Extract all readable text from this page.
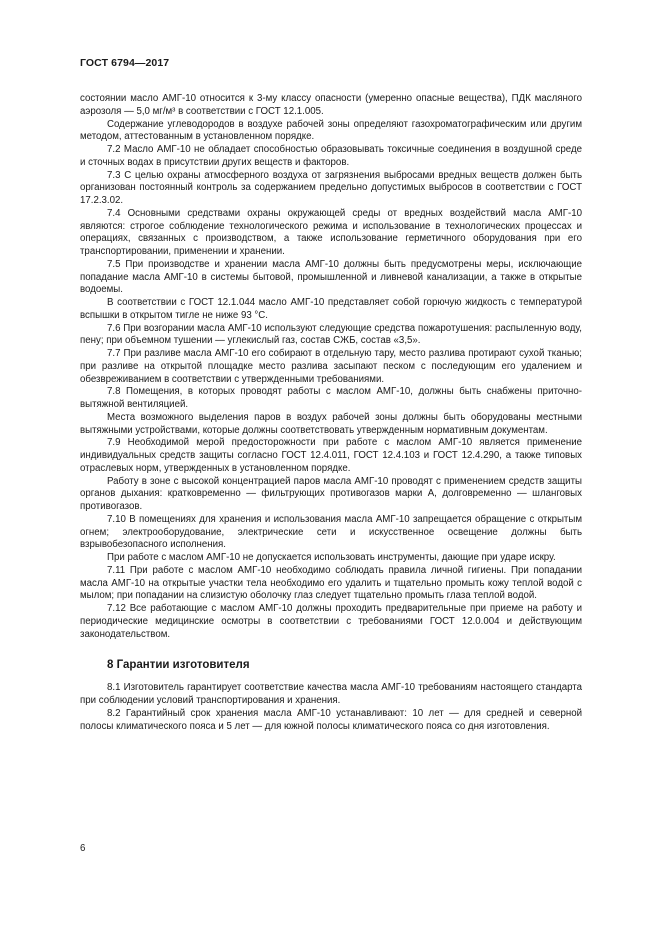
ГОСТ 6794—2017

состоянии масло АМГ-10 относится к 3-му классу опасности (умеренно опасные вещества), ПДК масляного аэрозоля — 5,0 мг/м³ в соответствии с ГОСТ 12.1.005.

Содержание углеводородов в воздухе рабочей зоны определяют газохроматографическим или другим методом, аттестованным в установленном порядке.

7.2 Масло АМГ-10 не обладает способностью образовывать токсичные соединения в воздушной среде и сточных водах в присутствии других веществ и факторов.

7.3 С целью охраны атмосферного воздуха от загрязнения выбросами вредных веществ должен быть организован постоянный контроль за содержанием предельно допустимых выбросов в соответствии с ГОСТ 17.2.3.02.

7.4 Основными средствами охраны окружающей среды от вредных воздействий масла АМГ-10 являются: строгое соблюдение технологического режима и использование в технологических процессах и операциях, связанных с производством, а также использование герметичного оборудования при его транспортировании, применении и хранении.

7.5 При производстве и хранении масла АМГ-10 должны быть предусмотрены меры, исключающие попадание масла АМГ-10 в системы бытовой, промышленной и ливневой канализации, а также в открытые водоемы.

В соответствии с ГОСТ 12.1.044 масло АМГ-10 представляет собой горючую жидкость с температурой вспышки в открытом тигле не ниже 93 °С.

7.6 При возгорании масла АМГ-10 используют следующие средства пожаротушения: распыленную воду, пену; при объемном тушении — углекислый газ, состав СЖБ, состав «3,5».

7.7 При разливе масла АМГ-10 его собирают в отдельную тару, место разлива протирают сухой тканью; при разливе на открытой площадке место разлива засыпают песком с последующим его удалением и обезвреживанием в соответствии с утвержденными требованиями.

7.8 Помещения, в которых проводят работы с маслом АМГ-10, должны быть снабжены приточно-вытяжной вентиляцией.

Места возможного выделения паров в воздух рабочей зоны должны быть оборудованы местными вытяжными устройствами, которые должны соответствовать утвержденным нормативным документам.

7.9 Необходимой мерой предосторожности при работе с маслом АМГ-10 является применение индивидуальных средств защиты согласно ГОСТ 12.4.011, ГОСТ 12.4.103 и ГОСТ 12.4.290, а также типовых отраслевых норм, утвержденных в установленном порядке.

Работу в зоне с высокой концентрацией паров масла АМГ-10 проводят с применением средств защиты органов дыхания: кратковременно — фильтрующих противогазов марки А, долговременно — шланговых противогазов.

7.10 В помещениях для хранения и использования масла АМГ-10 запрещается обращение с открытым огнем; электрооборудование, электрические сети и искусственное освещение должны быть взрывобезопасного исполнения.

При работе с маслом АМГ-10 не допускается использовать инструменты, дающие при ударе искру.

7.11 При работе с маслом АМГ-10 необходимо соблюдать правила личной гигиены. При попадании масла АМГ-10 на открытые участки тела необходимо его удалить и тщательно промыть кожу теплой водой с мылом; при попадании на слизистую оболочку глаз следует тщательно промыть глаза теплой водой.

7.12 Все работающие с маслом АМГ-10 должны проходить предварительные при приеме на работу и периодические медицинские осмотры в соответствии с требованиями ГОСТ 12.0.004 и действующим законодательством.

8 Гарантии изготовителя

8.1 Изготовитель гарантирует соответствие качества масла АМГ-10 требованиям настоящего стандарта при соблюдении условий транспортирования и хранения.

8.2 Гарантийный срок хранения масла АМГ-10 устанавливают: 10 лет — для средней и северной полосы климатического пояса и 5 лет — для южной полосы климатического пояса со дня изготовления.

6
